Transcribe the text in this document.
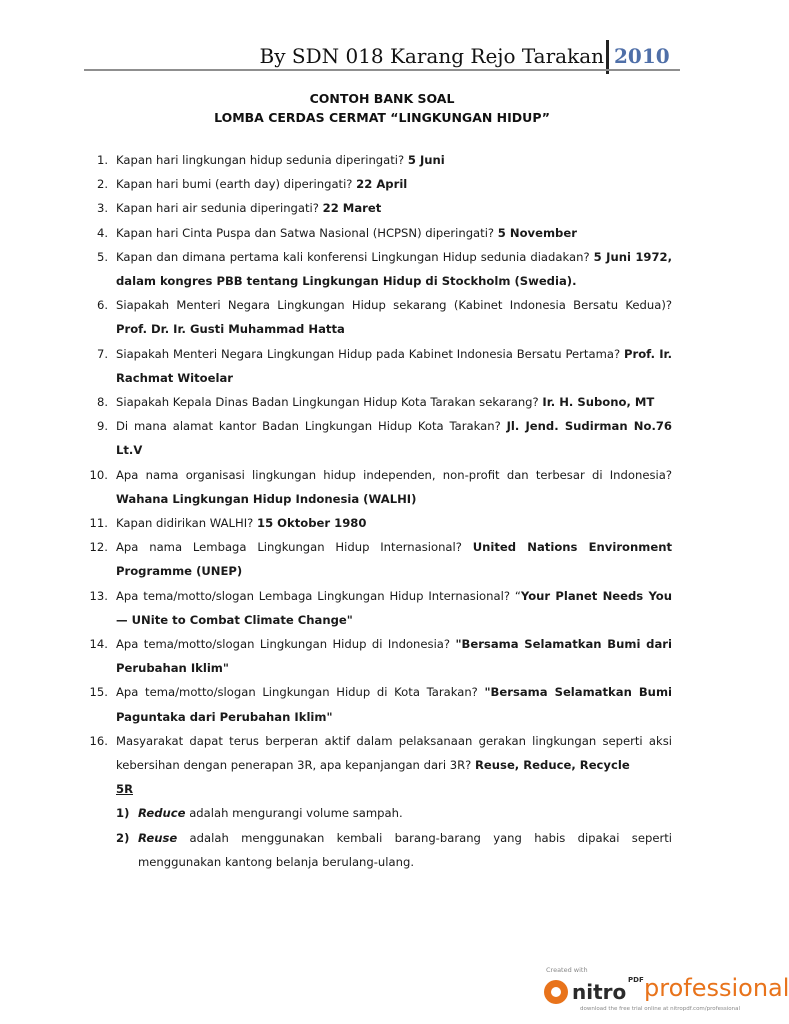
By SDN 018 Karang Rejo Tarakan 2010
CONTOH BANK SOAL
LOMBA CERDAS CERMAT “LINGKUNGAN HIDUP”
1. Kapan hari lingkungan hidup sedunia diperingati? 5 Juni
2. Kapan hari bumi (earth day) diperingati? 22 April
3. Kapan hari air sedunia diperingati? 22 Maret
4. Kapan hari Cinta Puspa dan Satwa Nasional (HCPSN) diperingati? 5 November
5. Kapan dan dimana pertama kali konferensi Lingkungan Hidup sedunia diadakan? 5 Juni 1972, dalam kongres PBB tentang Lingkungan Hidup di Stockholm (Swedia).
6. Siapakah Menteri Negara Lingkungan Hidup sekarang (Kabinet Indonesia Bersatu Kedua)? Prof. Dr. Ir. Gusti Muhammad Hatta
7. Siapakah Menteri Negara Lingkungan Hidup pada Kabinet Indonesia Bersatu Pertama? Prof. Ir. Rachmat Witoelar
8. Siapakah Kepala Dinas Badan Lingkungan Hidup Kota Tarakan sekarang? Ir. H. Subono, MT
9. Di mana alamat kantor Badan Lingkungan Hidup Kota Tarakan? Jl. Jend. Sudirman No.76 Lt.V
10. Apa nama organisasi lingkungan hidup independen, non-profit dan terbesar di Indonesia? Wahana Lingkungan Hidup Indonesia (WALHI)
11. Kapan didirikan WALHI? 15 Oktober 1980
12. Apa nama Lembaga Lingkungan Hidup Internasional? United Nations Environment Programme (UNEP)
13. Apa tema/motto/slogan Lembaga Lingkungan Hidup Internasional? “Your Planet Needs You — UNite to Combat Climate Change"
14. Apa tema/motto/slogan Lingkungan Hidup di Indonesia? "Bersama Selamatkan Bumi dari Perubahan Iklim"
15. Apa tema/motto/slogan Lingkungan Hidup di Kota Tarakan? "Bersama Selamatkan Bumi Paguntaka dari Perubahan Iklim"
16. Masyarakat dapat terus berperan aktif dalam pelaksanaan gerakan lingkungan seperti aksi kebersihan dengan penerapan 3R, apa kepanjangan dari 3R? Reuse, Reduce, Recycle
5R
1) Reduce adalah mengurangi volume sampah.
2) Reuse adalah menggunakan kembali barang-barang yang habis dipakai seperti menggunakan kantong belanja berulang-ulang.
Created with
nitro PDF professional
download the free trial online at nitropdf.com/professional
